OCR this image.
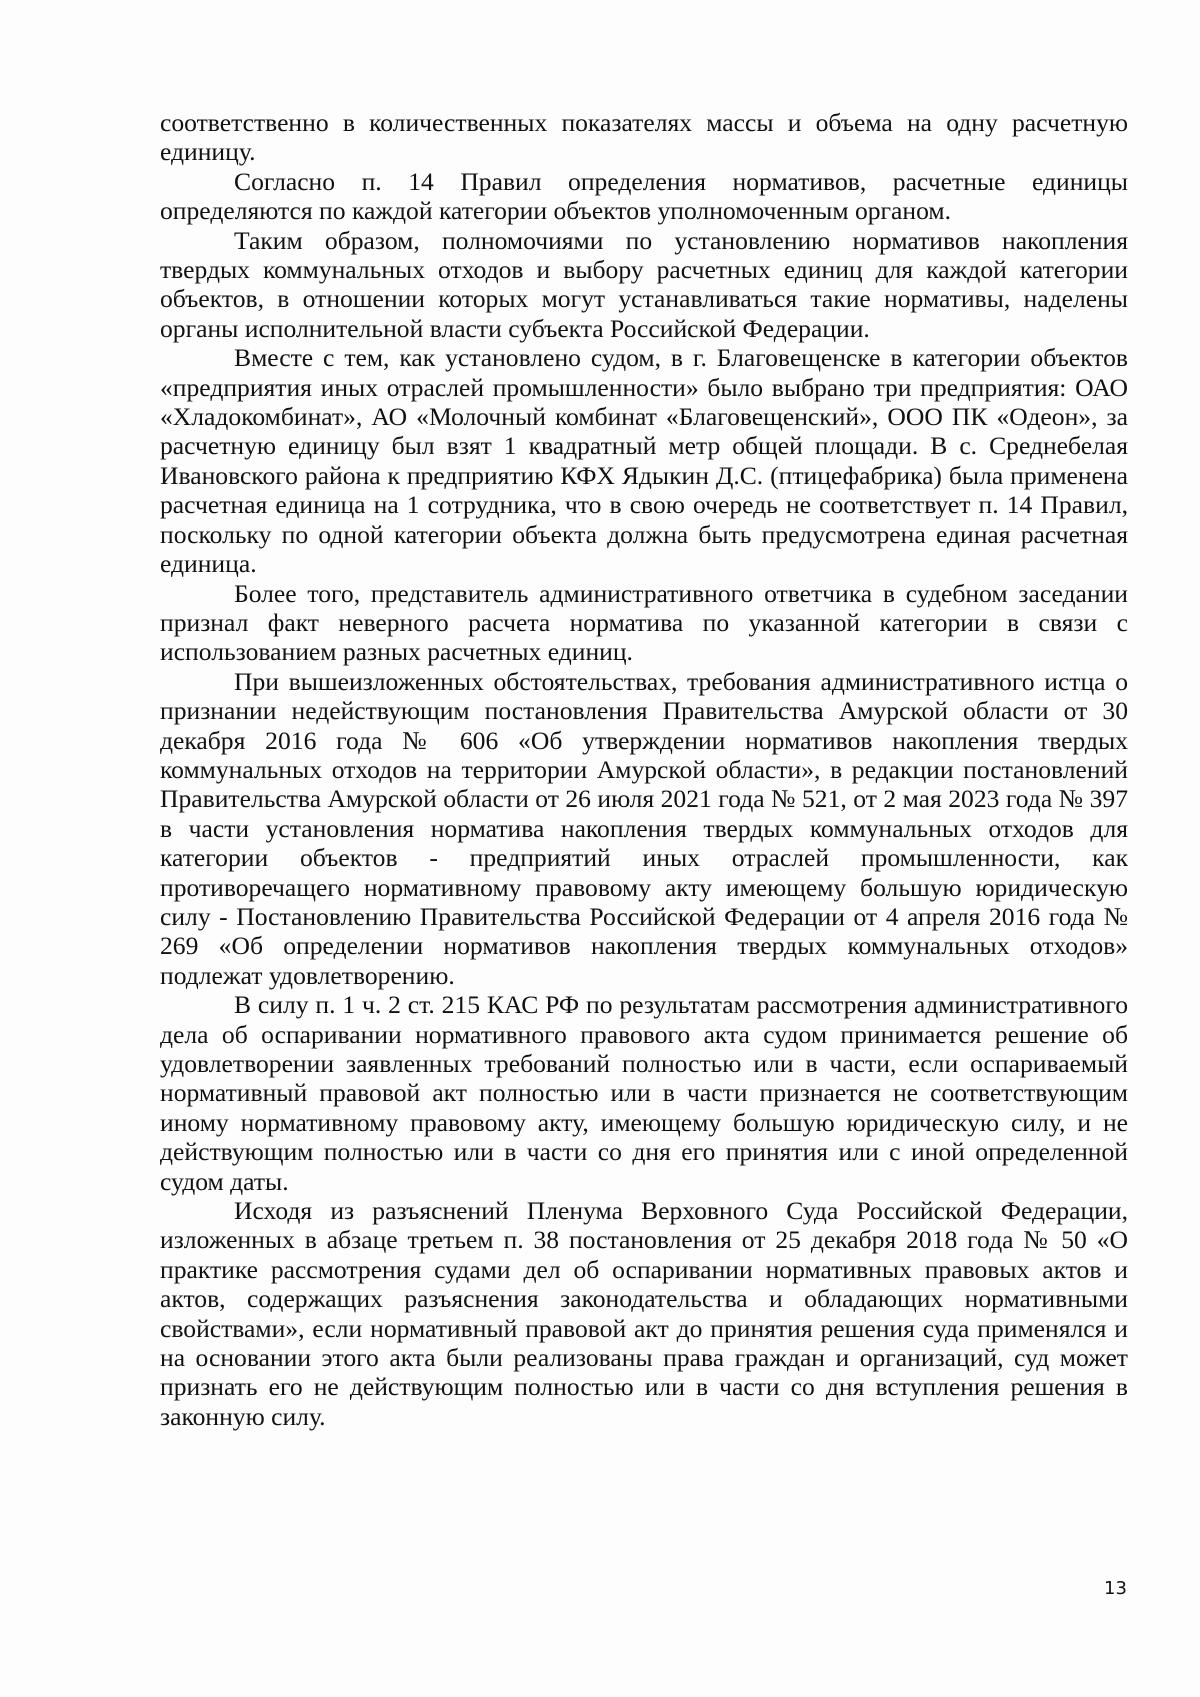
соответственно в количественных показателях массы и объема на одну расчетную единицу.

Согласно п. 14 Правил определения нормативов, расчетные единицы определяются по каждой категории объектов уполномоченным органом.

Таким образом, полномочиями по установлению нормативов накопления твердых коммунальных отходов и выбору расчетных единиц для каждой категории объектов, в отношении которых могут устанавливаться такие нормативы, наделены органы исполнительной власти субъекта Российской Федерации.

Вместе с тем, как установлено судом, в г. Благовещенске в категории объектов «предприятия иных отраслей промышленности» было выбрано три предприятия: ОАО «Хладокомбинат», АО «Молочный комбинат «Благовещенский», ООО ПК «Одеон», за расчетную единицу был взят 1 квадратный метр общей площади. В с. Среднебелая Ивановского района к предприятию КФХ Ядыкин Д.С. (птицефабрика) была применена расчетная единица на 1 сотрудника, что в свою очередь не соответствует п. 14 Правил, поскольку по одной категории объекта должна быть предусмотрена единая расчетная единица.

Более того, представитель административного ответчика в судебном заседании признал факт неверного расчета норматива по указанной категории в связи с использованием разных расчетных единиц.

При вышеизложенных обстоятельствах, требования административного истца о признании недействующим постановления Правительства Амурской области от 30 декабря 2016 года № 606 «Об утверждении нормативов накопления твердых коммунальных отходов на территории Амурской области», в редакции постановлений Правительства Амурской области от 26 июля 2021 года № 521, от 2 мая 2023 года № 397 в части установления норматива накопления твердых коммунальных отходов для категории объектов - предприятий иных отраслей промышленности, как противоречащего нормативному правовому акту имеющему большую юридическую силу - Постановлению Правительства Российской Федерации от 4 апреля 2016 года № 269 «Об определении нормативов накопления твердых коммунальных отходов» подлежат удовлетворению.

В силу п. 1 ч. 2 ст. 215 КАС РФ по результатам рассмотрения административного дела об оспаривании нормативного правового акта судом принимается решение об удовлетворении заявленных требований полностью или в части, если оспариваемый нормативный правовой акт полностью или в части признается не соответствующим иному нормативному правовому акту, имеющему большую юридическую силу, и не действующим полностью или в части со дня его принятия или с иной определенной судом даты.

Исходя из разъяснений Пленума Верховного Суда Российской Федерации, изложенных в абзаце третьем п. 38 постановления от 25 декабря 2018 года № 50 «О практике рассмотрения судами дел об оспаривании нормативных правовых актов и актов, содержащих разъяснения законодательства и обладающих нормативными свойствами», если нормативный правовой акт до принятия решения суда применялся и на основании этого акта были реализованы права граждан и организаций, суд может признать его не действующим полностью или в части со дня вступления решения в законную силу.

13
